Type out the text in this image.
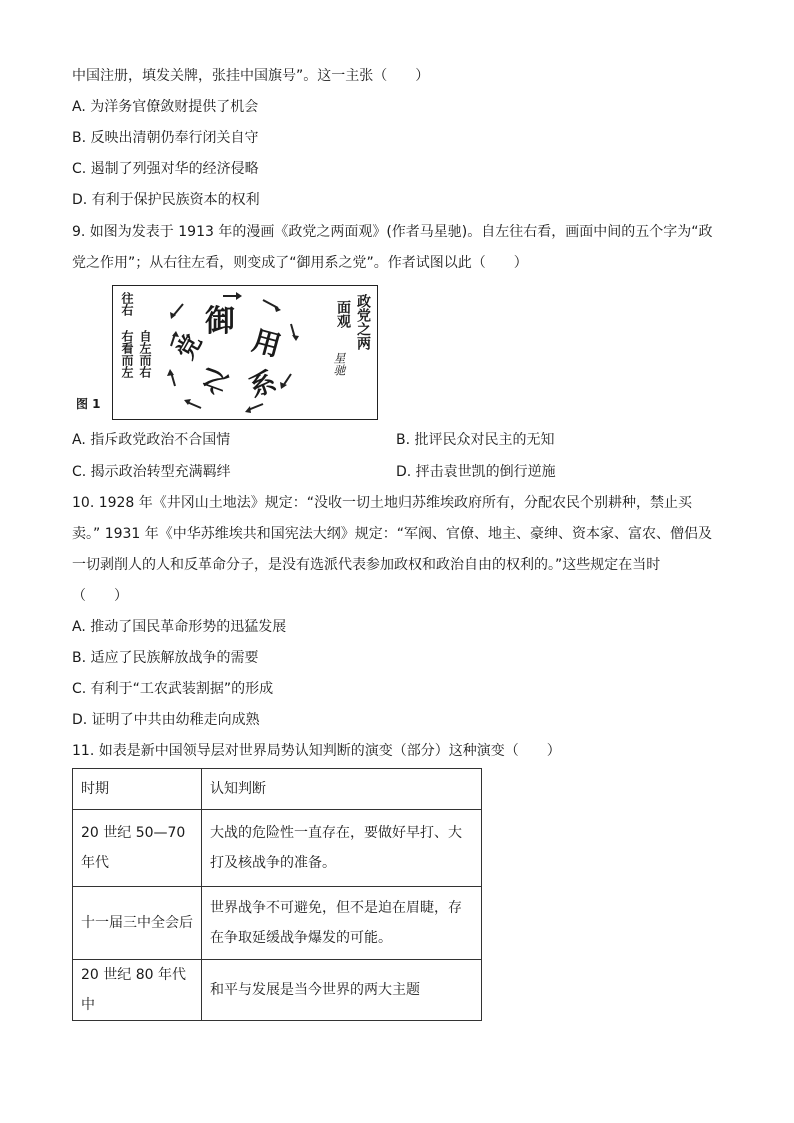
中国注册，填发关牌，张挂中国旗号”。这一主张（　　）
A. 为洋务官僚敛财提供了机会
B. 反映出清朝仍奉行闭关自守
C. 遏制了列强对华的经济侵略
D. 有利于保护民族资本的权利
9. 如图为发表于 1913 年的漫画《政党之两面观》(作者马星驰)。自左往右看，画面中间的五个字为“政
党之作用”；从右往左看，则变成了“御用系之党”。作者试图以此（　　）
图 1
御
用
系
之
党
往右
右看而左 自左而右
政党之两
面观
星驰
A. 指斥政党政治不合国情	B. 批评民众对民主的无知
C. 揭示政治转型充满羁绊	D. 抨击袁世凯的倒行逆施
10. 1928 年《井冈山土地法》规定：“没收一切土地归苏维埃政府所有，分配农民个别耕种，禁止买
卖。” 1931 年《中华苏维埃共和国宪法大纲》规定：“军阀、官僚、地主、豪绅、资本家、富农、僧侣及
一切剥削人的人和反革命分子，是没有选派代表参加政权和政治自由的权利的。”这些规定在当时
（　　）
A. 推动了国民革命形势的迅猛发展
B. 适应了民族解放战争的需要
C. 有利于“工农武装割据”的形成
D. 证明了中共由幼稚走向成熟
11. 如表是新中国领导层对世界局势认知判断的演变（部分）这种演变（　　）
时期	认知判断
20 世纪 50—70 年代	大战的危险性一直存在，要做好早打、大打及核战争的准备。
十一届三中全会后	世界战争不可避免，但不是迫在眉睫，存在争取延缓战争爆发的可能。
20 世纪 80 年代中	和平与发展是当今世界的两大主题
